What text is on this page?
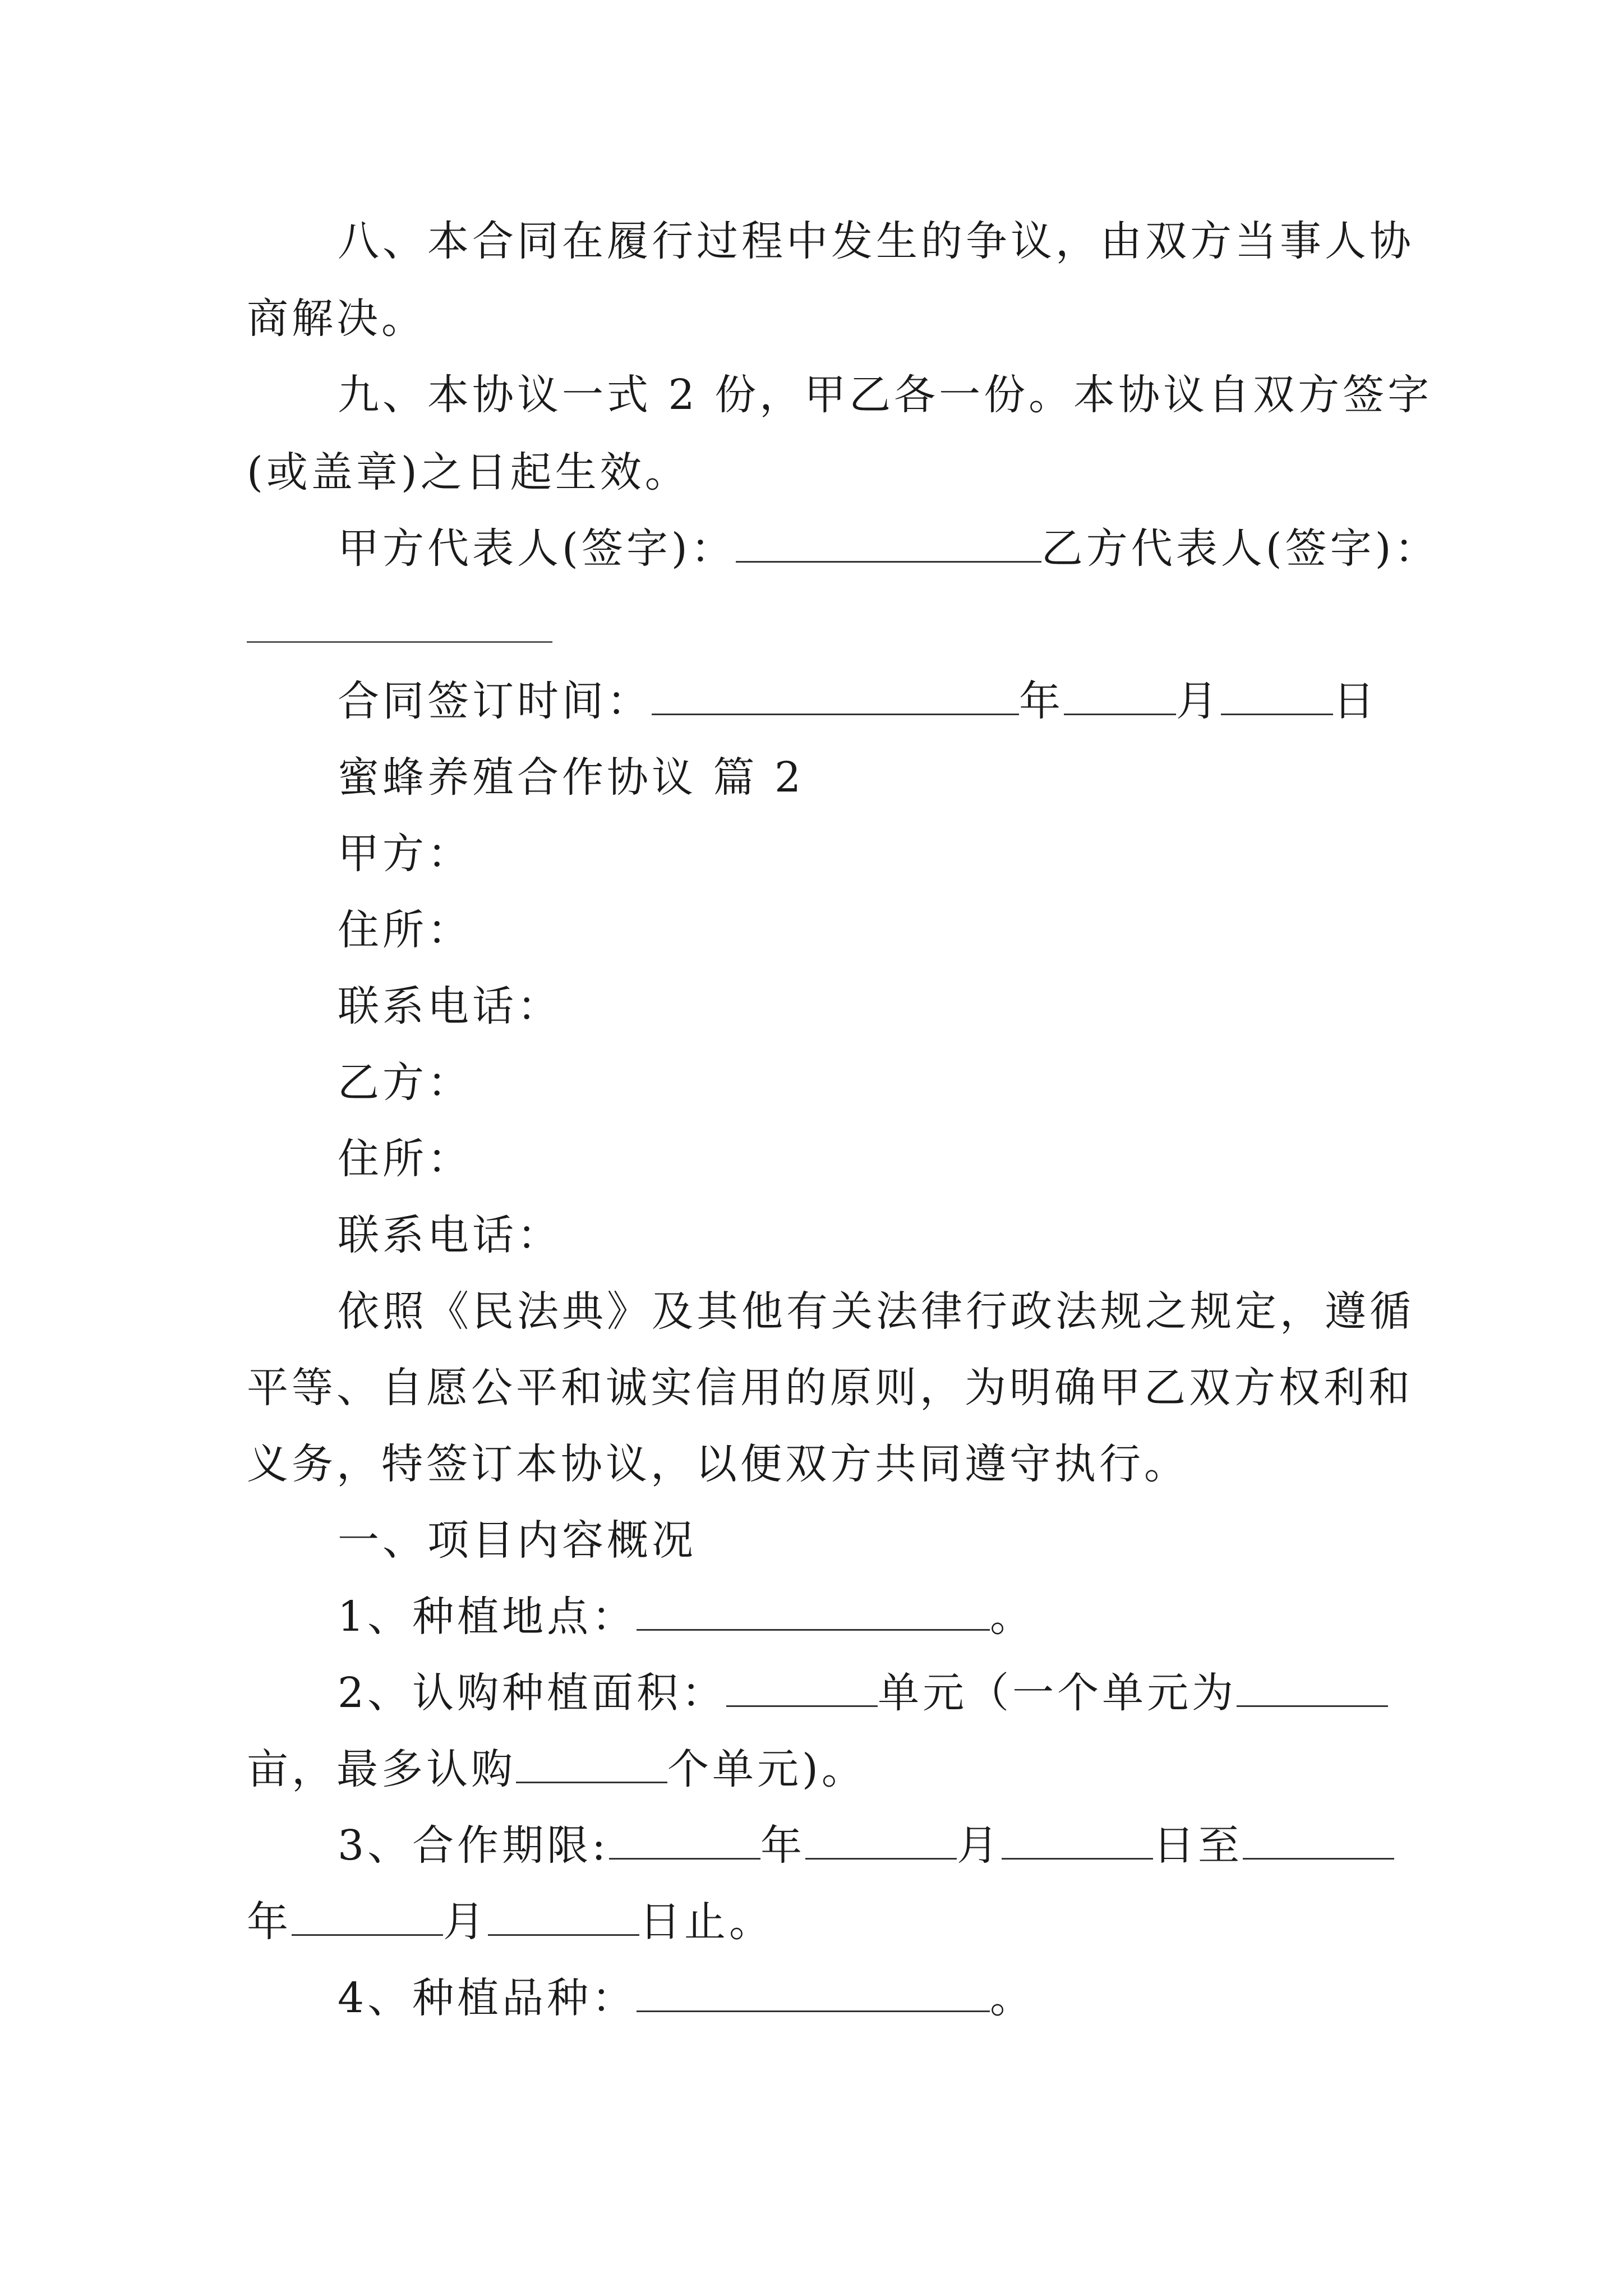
八、本合同在履行过程中发生的争议，由双方当事人协
商解决。
九、本协议一式 2 份，甲乙各一份。本协议自双方签字
(或盖章)之日起生效。
甲方代表人(签字)：	乙方代表人(签字)：
合同签订时间：	年	月	日
蜜蜂养殖合作协议 篇 2
甲方：
住所：
联系电话：
乙方：
住所：
联系电话：
依照《民法典》及其他有关法律行政法规之规定，遵循
平等、自愿公平和诚实信用的原则，为明确甲乙双方权利和
义务，特签订本协议，以便双方共同遵守执行。
一、项目内容概况
1、种植地点：	。
2、认购种植面积：	单元（一个单元为
亩，最多认购	个单元)。
3、合作期限:	年	月	日至
年	月	日止。
4、种植品种：	。
